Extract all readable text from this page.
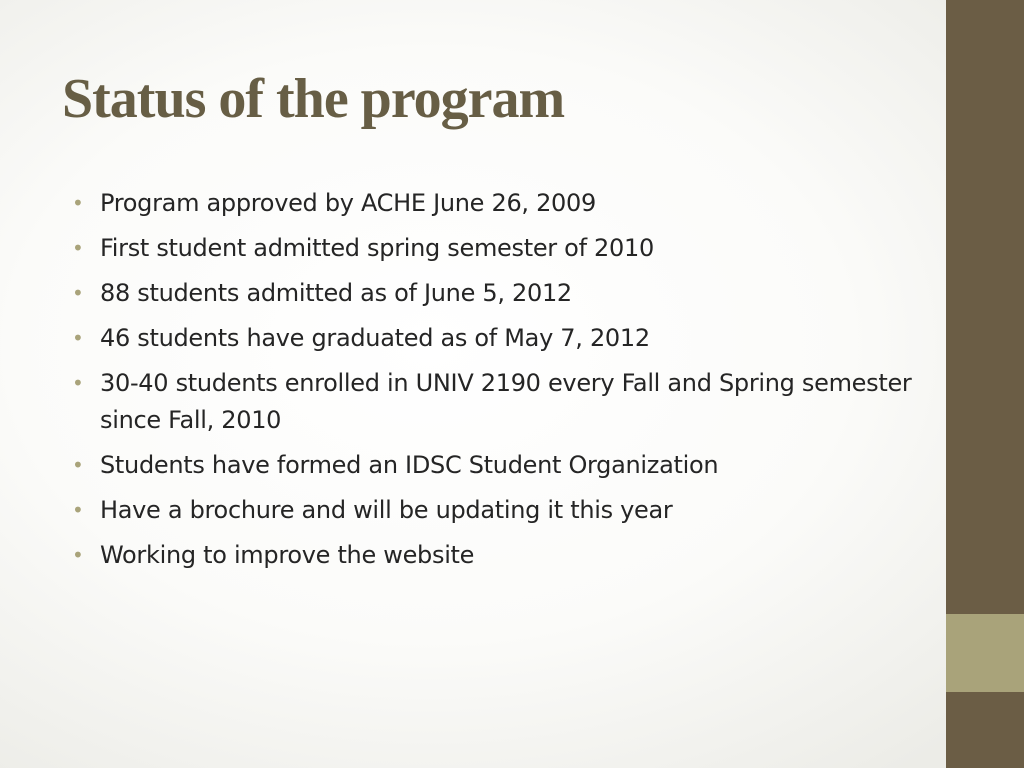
Status of the program
• Program approved by ACHE June 26, 2009
• First student admitted spring semester of 2010
• 88 students admitted as of June 5, 2012
• 46 students have graduated as of May 7, 2012
• 30-40 students enrolled in UNIV 2190 every Fall and Spring semester since Fall, 2010
• Students have formed an IDSC Student Organization
• Have a brochure and will be updating it this year
• Working to improve the website
